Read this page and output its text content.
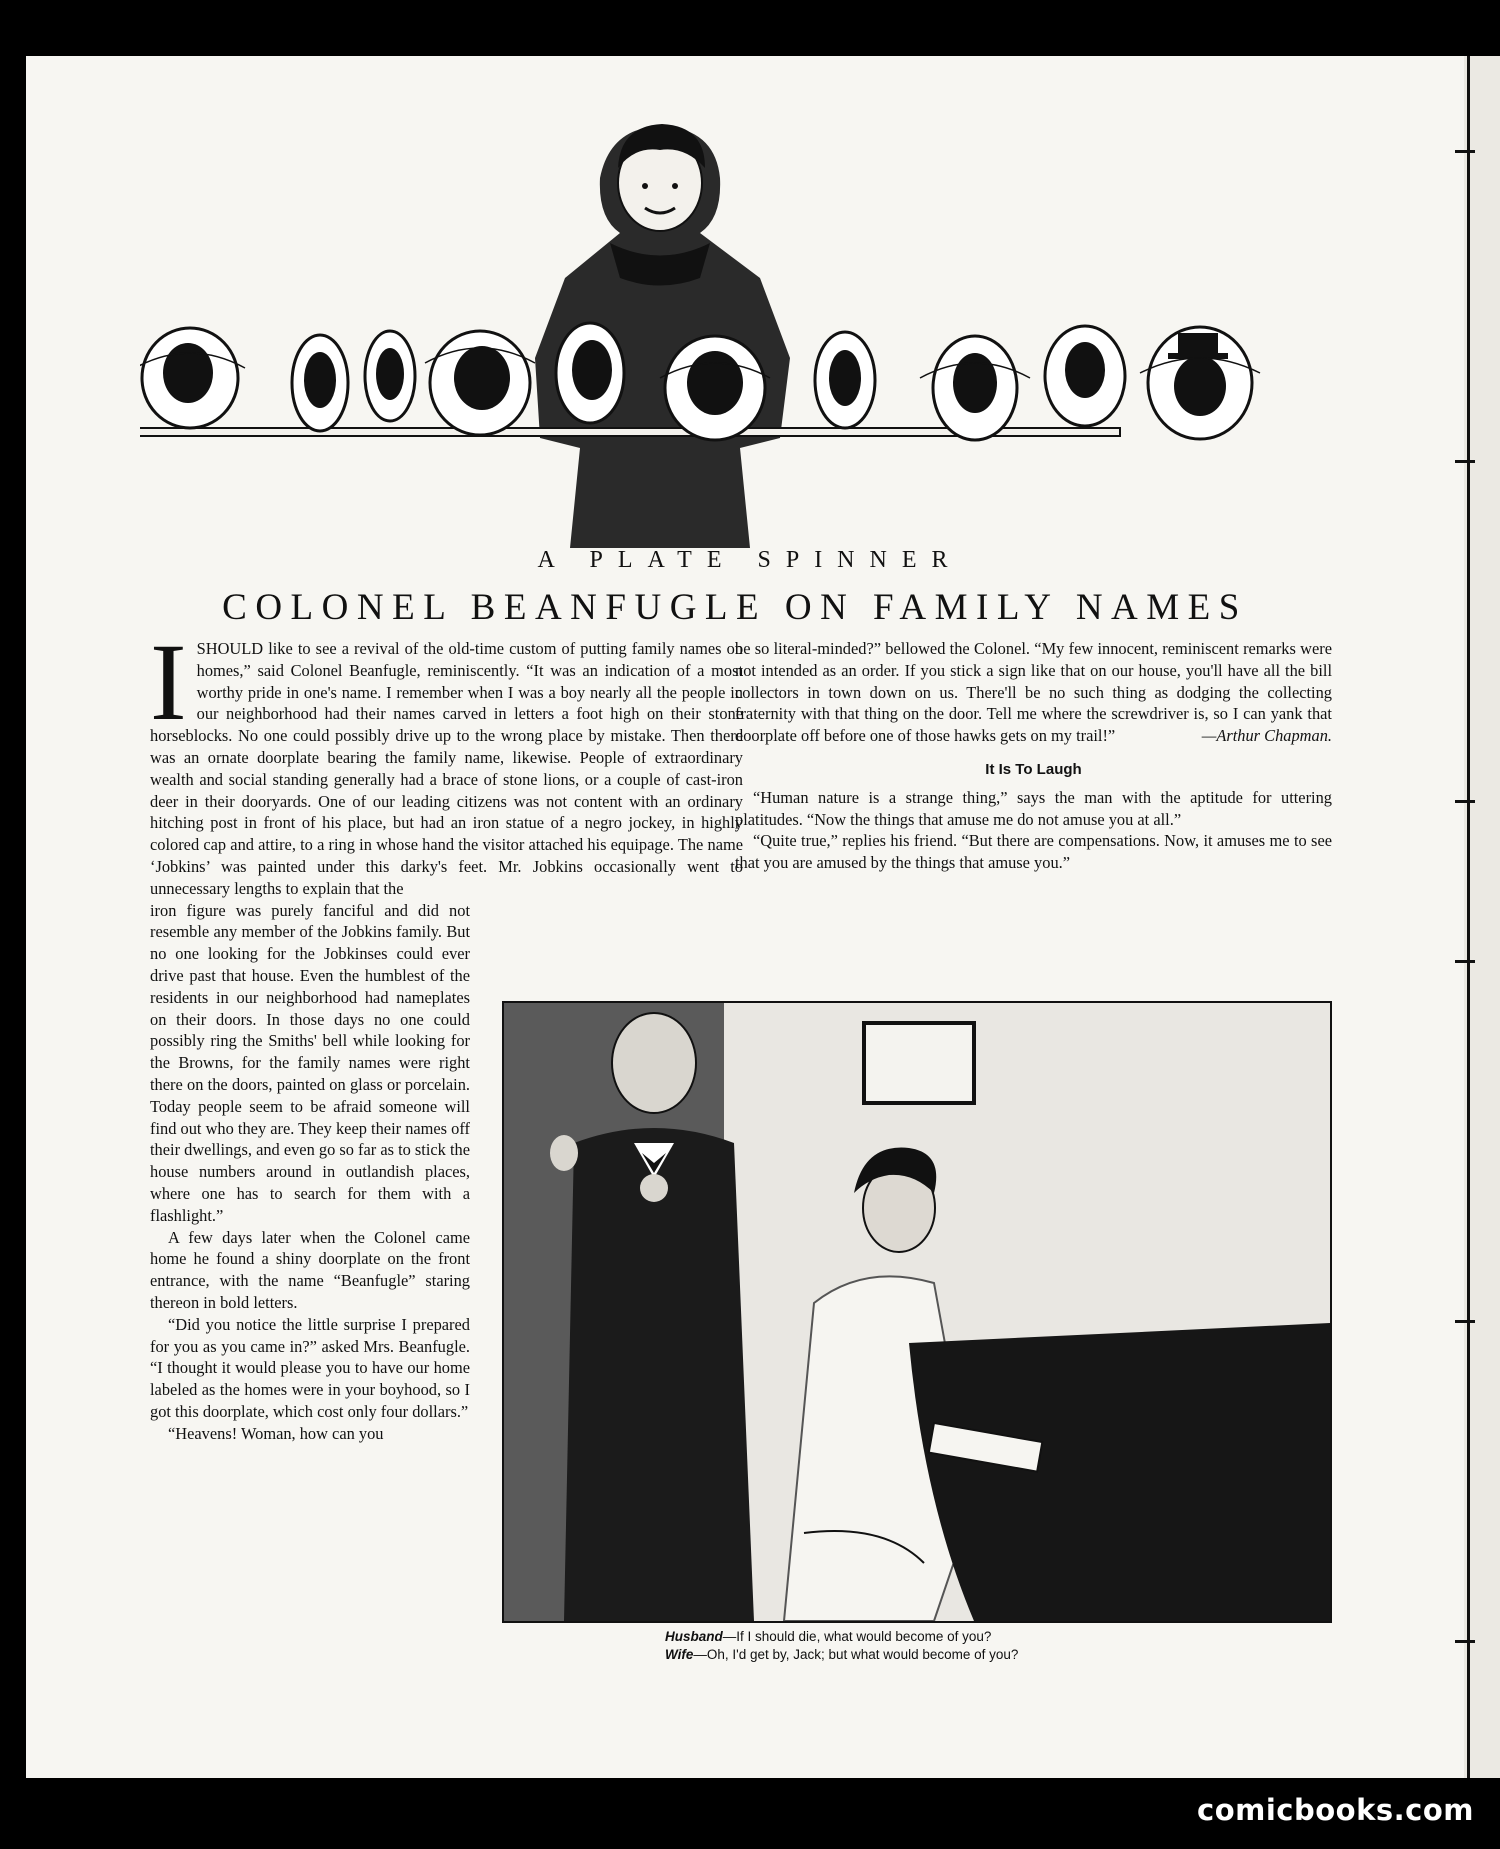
A PLATE SPINNER
COLONEL BEANFUGLE ON FAMILY NAMES

ISHOULD like to see a revival of the old-time custom of putting family names on homes,” said Colonel Beanfugle, reminiscently. “It was an indication of a most worthy pride in one's name. I remember when I was a boy nearly all the people in our neighborhood had their names carved in letters a foot high on their stone horseblocks. No one could possibly drive up to the wrong place by mistake. Then there was an ornate doorplate bearing the family name, likewise. People of extraordinary wealth and social standing generally had a brace of stone lions, or a couple of cast-iron deer in their dooryards. One of our leading citizens was not content with an ordinary hitching post in front of his place, but had an iron statue of a negro jockey, in highly colored cap and attire, to a ring in whose hand the visitor attached his equipage. The name ‘Jobkins’ was painted under this darky's feet. Mr. Jobkins occasionally went to unnecessary lengths to explain that the

iron figure was purely fanciful and did not resemble any member of the Jobkins family. But no one looking for the Jobkinses could ever drive past that house. Even the humblest of the residents in our neighborhood had nameplates on their doors. In those days no one could possibly ring the Smiths' bell while looking for the Browns, for the family names were right there on the doors, painted on glass or porcelain. Today people seem to be afraid someone will find out who they are. They keep their names off their dwellings, and even go so far as to stick the house numbers around in outlandish places, where one has to search for them with a flashlight.”

A few days later when the Colonel came home he found a shiny doorplate on the front entrance, with the name “Beanfugle” staring thereon in bold letters.

“Did you notice the little surprise I prepared for you as you came in?” asked Mrs. Beanfugle. “I thought it would please you to have our home labeled as the homes were in your boyhood, so I got this doorplate, which cost only four dollars.”

“Heavens! Woman, how can you

be so literal-minded?” bellowed the Colonel. “My few innocent, reminiscent remarks were not intended as an order. If you stick a sign like that on our house, you'll have all the bill collectors in town down on us. There'll be no such thing as dodging the collecting fraternity with that thing on the door. Tell me where the screwdriver is, so I can yank that doorplate off before one of those hawks gets on my trail!”	—Arthur Chapman.

It Is To Laugh

“Human nature is a strange thing,” says the man with the aptitude for uttering platitudes. “Now the things that amuse me do not amuse you at all.”

“Quite true,” replies his friend. “But there are compensations. Now, it amuses me to see that you are amused by the things that amuse you.”

Husband—If I should die, what would become of you?
Wife—Oh, I'd get by, Jack; but what would become of you?
comicbooks.com
